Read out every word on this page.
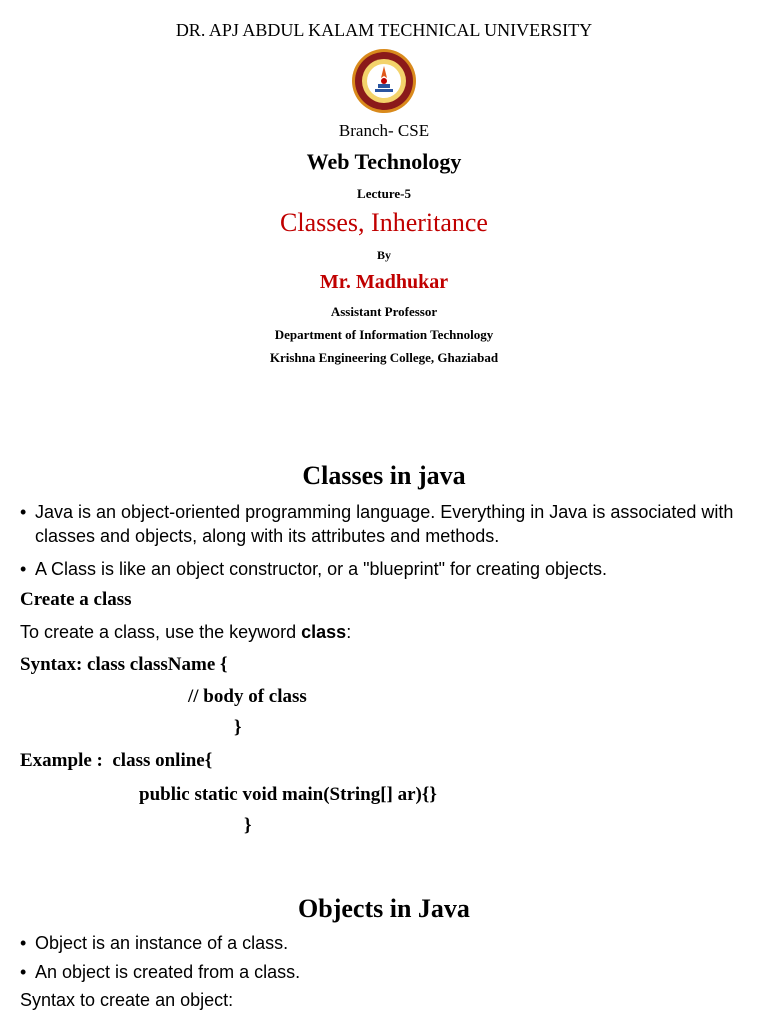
DR. APJ ABDUL KALAM TECHNICAL UNIVERSITY
Branch- CSE
Web Technology
Lecture-5
Classes, Inheritance
By
Mr. Madhukar
Assistant Professor
Department of Information Technology
Krishna Engineering College, Ghaziabad
Classes in java
• Java is an object-oriented programming language. Everything in Java is associated with classes and objects, along with its attributes and methods.
• A Class is like an object constructor, or a "blueprint" for creating objects.
Create a class
To create a class, use the keyword class:
Syntax: class className {
// body of class
}
Example :  class online{
public static void main(String[] ar){}
}
Objects in Java
• Object is an instance of a class.
• An object is created from a class.
Syntax to create an object:
